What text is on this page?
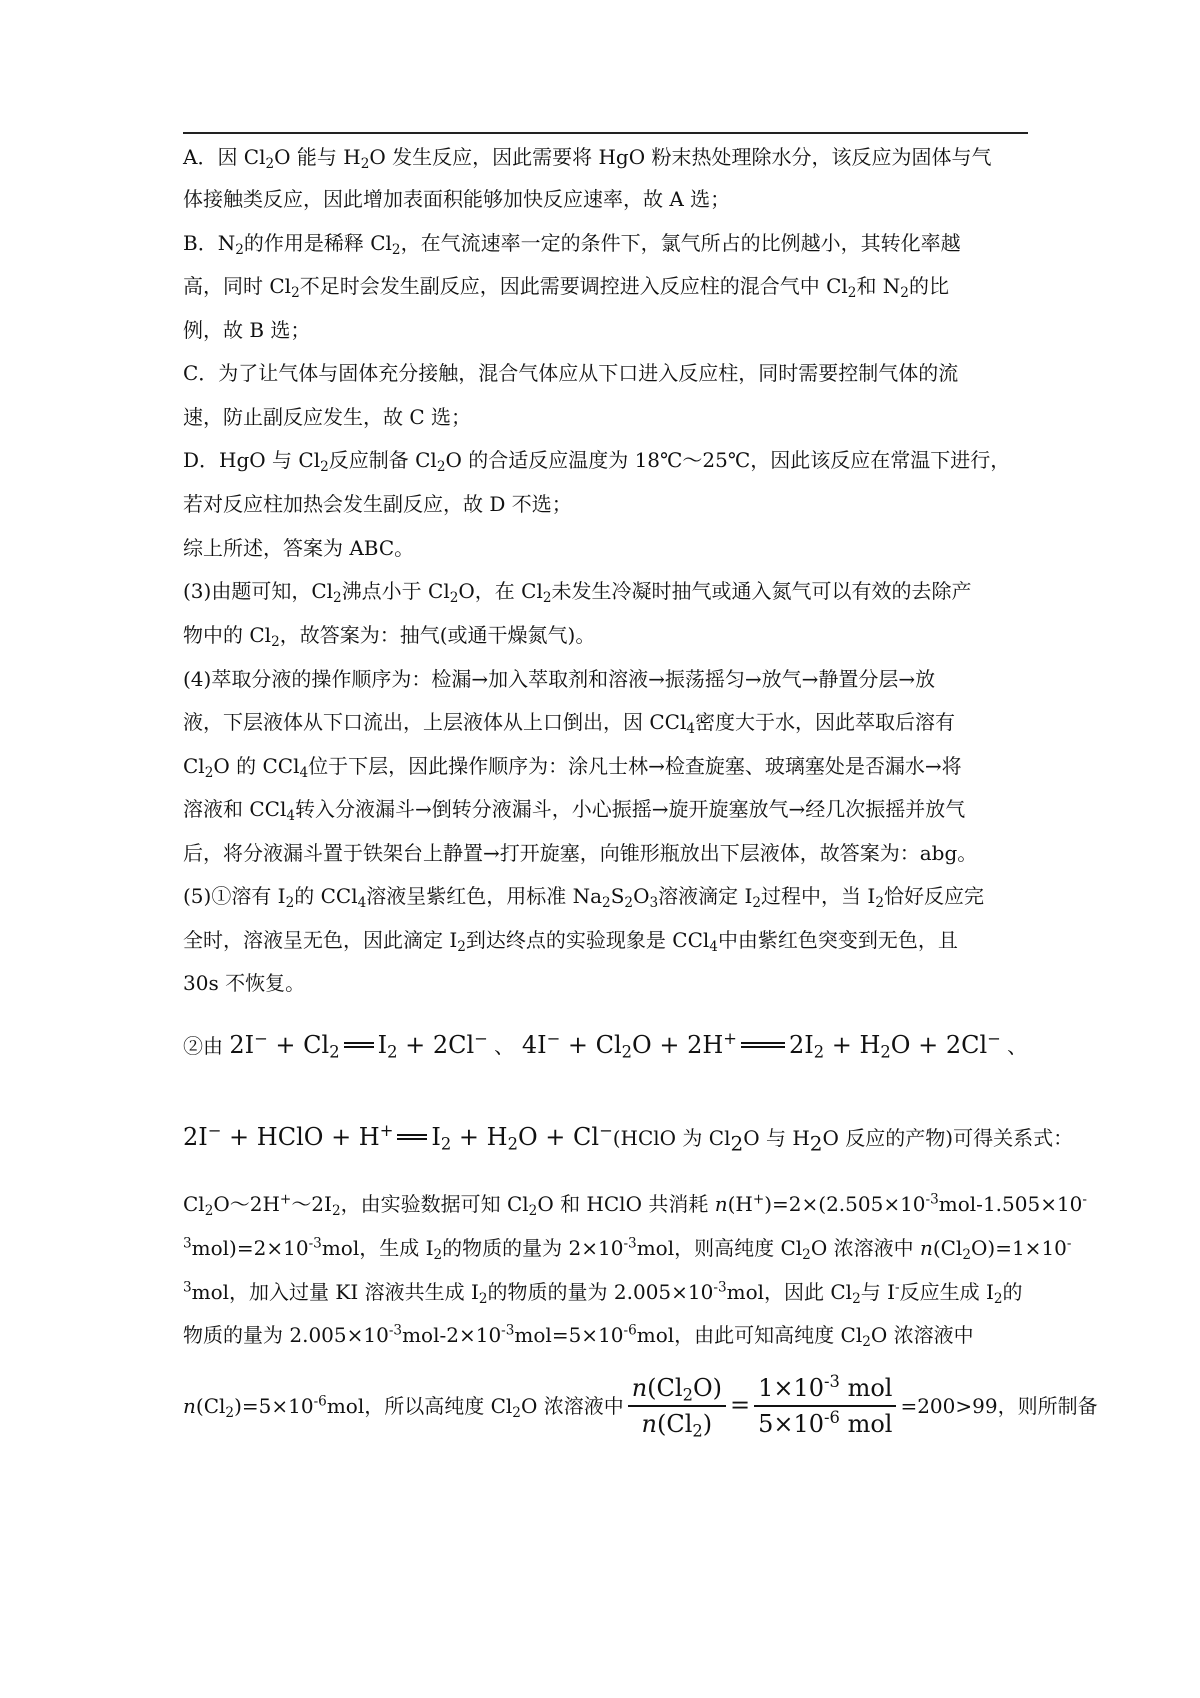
A．因 $Cl_2O$ 能与 $H_2O$ 发生反应，因此需要将 HgO 粉末热处理除水分，该反应为固体与气
体接触类反应，因此增加表面积能够加快反应速率，故 A 选；
B．$N_2$的作用是稀释 $Cl_2$，在气流速率一定的条件下，氯气所占的比例越小，其转化率越
高，同时 $Cl_2$不足时会发生副反应，因此需要调控进入反应柱的混合气中 $Cl_2$和 $N_2$的比
例，故 B 选；
C．为了让气体与固体充分接触，混合气体应从下口进入反应柱，同时需要控制气体的流
速，防止副反应发生，故 C 选；
D．HgO 与 $Cl_2$反应制备 $Cl_2O$ 的合适反应温度为 18℃～25℃，因此该反应在常温下进行，
若对反应柱加热会发生副反应，故 D 不选；
综上所述，答案为 ABC。
(3)由题可知，$Cl_2$沸点小于 $Cl_2O$，在 $Cl_2$未发生冷凝时抽气或通入氮气可以有效的去除产
物中的 $Cl_2$，故答案为：抽气(或通干燥氮气)。
(4)萃取分液的操作顺序为：检漏→加入萃取剂和溶液→振荡摇匀→放气→静置分层→放
液，下层液体从下口流出，上层液体从上口倒出，因 CCl$_4$密度大于水，因此萃取后溶有
$Cl_2O$ 的 CCl$_4$位于下层，因此操作顺序为：涂凡士林→检查旋塞、玻璃塞处是否漏水→将
溶液和 CCl$_4$转入分液漏斗→倒转分液漏斗，小心振摇→旋开旋塞放气→经几次振摇并放气
后，将分液漏斗置于铁架台上静置→打开旋塞，向锥形瓶放出下层液体，故答案为：abg。
(5)①溶有 $I_2$的 CCl$_4$溶液呈紫红色，用标准 $Na_2S_2O_3$溶液滴定 $I_2$过程中，当 $I_2$恰好反应完
全时，溶液呈无色，因此滴定 $I_2$到达终点的实验现象是 CCl$_4$中由紫红色突变到无色，且
30s 不恢复。
②由 $2I^- + Cl_2$ $I_2 + 2Cl^-$ 、 $4I^- + Cl_2O + 2H^+$ $2I_2 + H_2O + 2Cl^-$ 、
2I− + HClO + H+ $I_2 + H_2O$ + Cl−(HClO 为 $Cl_2O$ 与 $H_2O$ 反应的产物)可得关系式：
$Cl_2O\sim 2H^+\sim 2I_2$，由实验数据可知 $Cl_2O$ 和 HClO 共消耗 $n(H^+)=2\times(2.505\times 10^{-3}mol-1.505\times 10^-$
$^3mol)=2\times 10^{-3}mol$，生成 $I_2$的物质的量为 $2\times 10^{-3}mol$，则高纯度 $Cl_2O$ 浓溶液中 $n(Cl_2O)=1\times 10^-$
$^3$mol，加入过量 KI 溶液共生成 $I_2$的物质的量为 $2.005\times 10^{-3}mol$，因此 $Cl_2$与 I-反应生成 $I_2$的
物质的量为 $2.005\times 10^{-3}mol-2\times 10^{-3}mol=5\times 10^{-6}mol$，由此可知高纯度 $Cl_2O$ 浓溶液中
$n(Cl_2)=5\times 10^{-6}mol$，所以高纯度 $Cl_2O$ 浓溶液中 $\frac{n(Cl_2O)}{n(Cl_2)} = \frac{1\times 10^{-3} mol}{5\times 10^{-6} mol} =200>99$，则所制备
